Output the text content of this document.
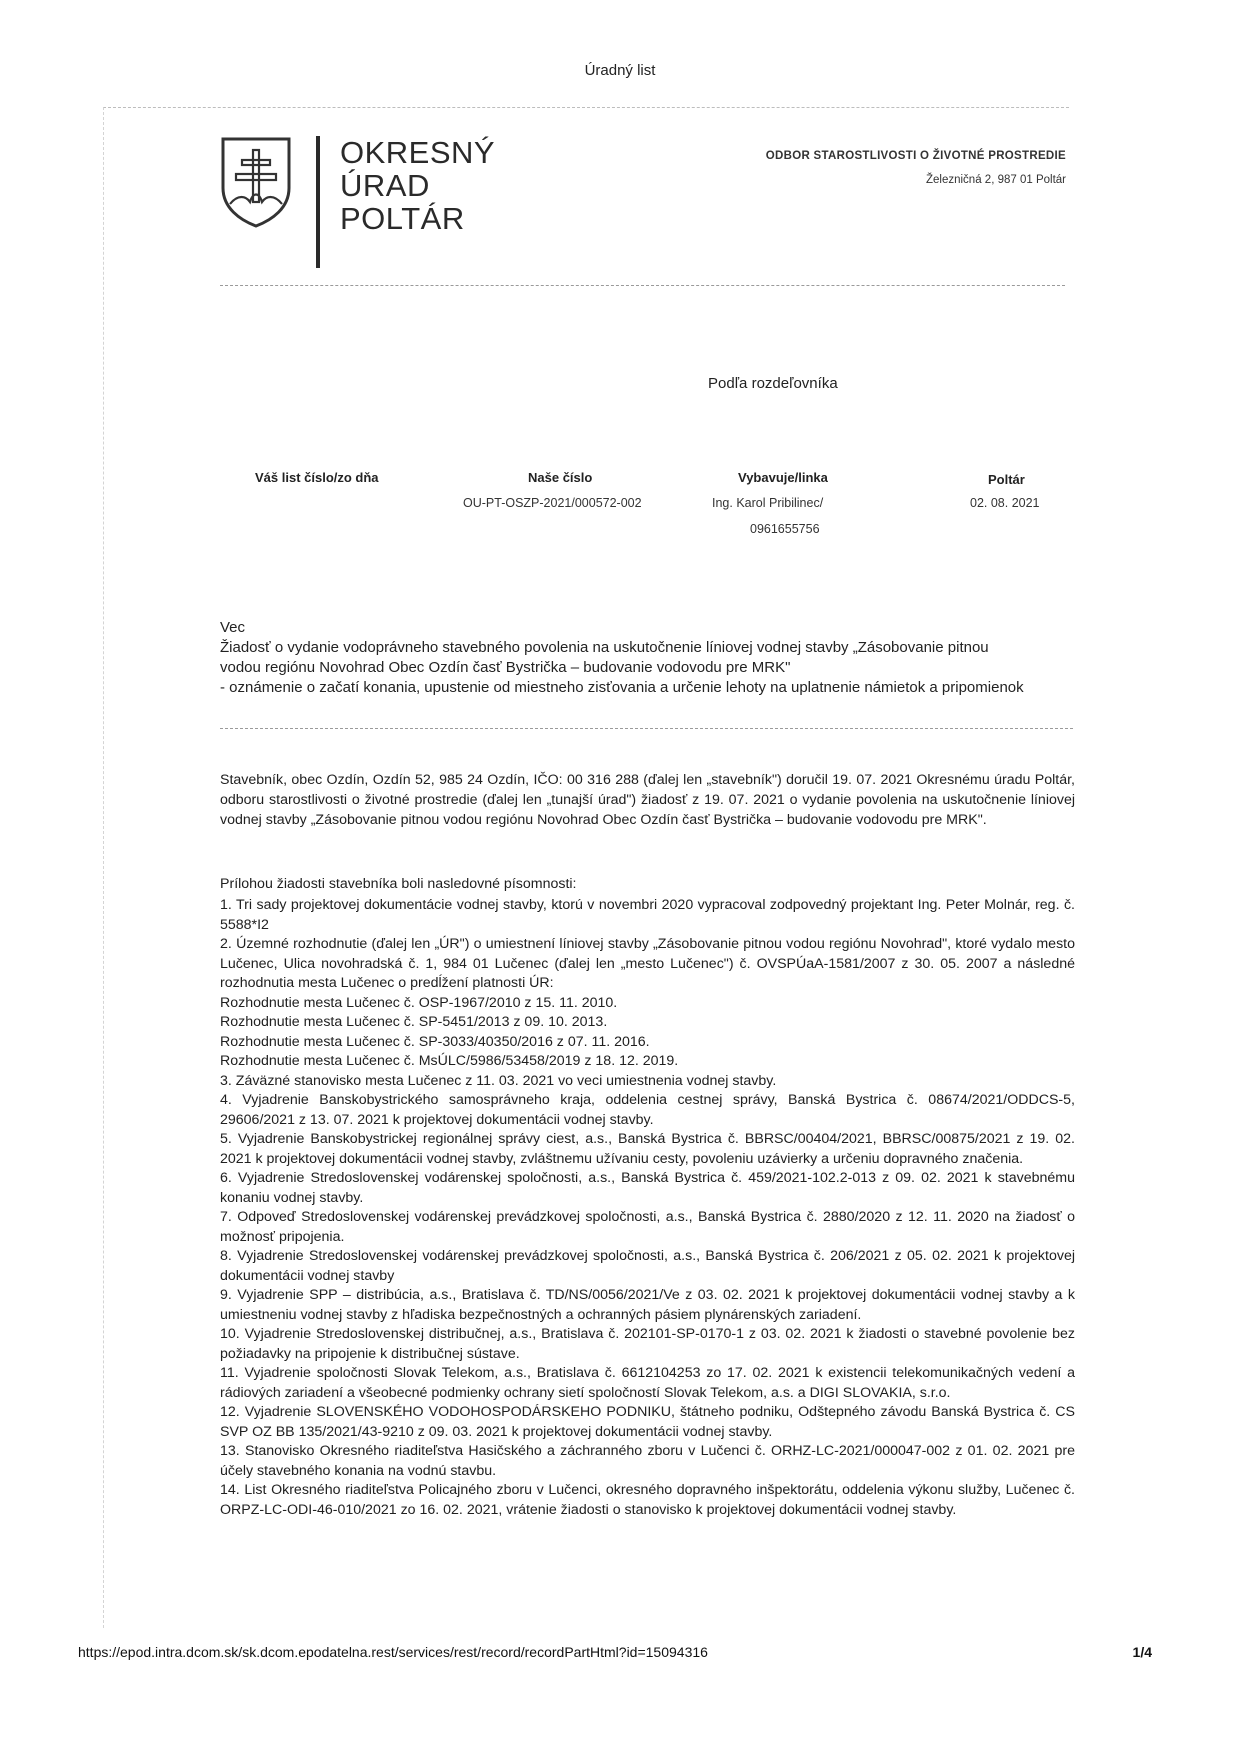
Úradný list
OKRESNÝ
ÚRAD
POLTÁR
ODBOR STAROSTLIVOSTI O ŽIVOTNÉ PROSTREDIE
Železničná 2, 987 01 Poltár
Podľa rozdeľovníka
Váš list číslo/zo dňa	Naše číslo
OU-PT-OSZP-2021/000572-002
Vybavuje/linka
Ing. Karol Pribilinec/
0961655756
Poltár
02. 08. 2021
Vec
Žiadosť o vydanie vodoprávneho stavebného povolenia na uskutočnenie líniovej vodnej stavby „Zásobovanie pitnou
vodou regiónu Novohrad Obec Ozdín časť Bystrička – budovanie vodovodu pre MRK"
- oznámenie o začatí konania, upustenie od miestneho zisťovania a určenie lehoty na uplatnenie námietok a pripomienok

Stavebník, obec Ozdín, Ozdín 52, 985 24 Ozdín, IČO: 00 316 288 (ďalej len „stavebník") doručil 19. 07. 2021 Okresnému úradu Poltár, odboru starostlivosti o životné prostredie (ďalej len „tunajší úrad") žiadosť z 19. 07. 2021 o vydanie povolenia na uskutočnenie líniovej vodnej stavby „Zásobovanie pitnou vodou regiónu Novohrad Obec Ozdín časť Bystrička – budovanie vodovodu pre MRK".

Prílohou žiadosti stavebníka boli nasledovné písomnosti:
1. Tri sady projektovej dokumentácie vodnej stavby, ktorú v novembri 2020 vypracoval zodpovedný projektant Ing. Peter Molnár, reg. č. 5588*I2
2. Územné rozhodnutie (ďalej len „ÚR") o umiestnení líniovej stavby „Zásobovanie pitnou vodou regiónu Novohrad", ktoré vydalo mesto Lučenec, Ulica novohradská č. 1, 984 01 Lučenec (ďalej len „mesto Lučenec") č. OVSPÚaA-1581/2007 z 30. 05. 2007 a následné rozhodnutia mesta Lučenec o predĺžení platnosti ÚR:
Rozhodnutie mesta Lučenec č. OSP-1967/2010 z 15. 11. 2010.
Rozhodnutie mesta Lučenec č. SP-5451/2013 z 09. 10. 2013.
Rozhodnutie mesta Lučenec č. SP-3033/40350/2016 z 07. 11. 2016.
Rozhodnutie mesta Lučenec č. MsÚLC/5986/53458/2019 z 18. 12. 2019.
3. Záväzné stanovisko mesta Lučenec z 11. 03. 2021 vo veci umiestnenia vodnej stavby.
4. Vyjadrenie Banskobystrického samosprávneho kraja, oddelenia cestnej správy, Banská Bystrica č. 08674/2021/ODDCS-5, 29606/2021 z 13. 07. 2021 k projektovej dokumentácii vodnej stavby.
5. Vyjadrenie Banskobystrickej regionálnej správy ciest, a.s., Banská Bystrica č. BBRSC/00404/2021, BBRSC/00875/2021 z 19. 02. 2021 k projektovej dokumentácii vodnej stavby, zvláštnemu užívaniu cesty, povoleniu uzávierky a určeniu dopravného značenia.
6. Vyjadrenie Stredoslovenskej vodárenskej spoločnosti, a.s., Banská Bystrica č. 459/2021-102.2-013 z 09. 02. 2021 k stavebnému konaniu vodnej stavby.
7. Odpoveď Stredoslovenskej vodárenskej prevádzkovej spoločnosti, a.s., Banská Bystrica č. 2880/2020 z 12. 11. 2020 na žiadosť o možnosť pripojenia.
8. Vyjadrenie Stredoslovenskej vodárenskej prevádzkovej spoločnosti, a.s., Banská Bystrica č. 206/2021 z 05. 02. 2021 k projektovej dokumentácii vodnej stavby
9. Vyjadrenie SPP – distribúcia, a.s., Bratislava č. TD/NS/0056/2021/Ve z 03. 02. 2021 k projektovej dokumentácii vodnej stavby a k umiestneniu vodnej stavby z hľadiska bezpečnostných a ochranných pásiem plynárenských zariadení.
10. Vyjadrenie Stredoslovenskej distribučnej, a.s., Bratislava č. 202101-SP-0170-1 z 03. 02. 2021 k žiadosti o stavebné povolenie bez požiadavky na pripojenie k distribučnej sústave.
11. Vyjadrenie spoločnosti Slovak Telekom, a.s., Bratislava č. 6612104253 zo 17. 02. 2021 k existencii telekomunikačných vedení a rádiových zariadení a všeobecné podmienky ochrany sietí spoločností Slovak Telekom, a.s. a DIGI SLOVAKIA, s.r.o.
12. Vyjadrenie SLOVENSKÉHO VODOHOSPODÁRSKEHO PODNIKU, štátneho podniku, Odštepného závodu Banská Bystrica č. CS SVP OZ BB 135/2021/43-9210 z 09. 03. 2021 k projektovej dokumentácii vodnej stavby.
13. Stanovisko Okresného riaditeľstva Hasičského a záchranného zboru v Lučenci č. ORHZ-LC-2021/000047-002 z 01. 02. 2021 pre účely stavebného konania na vodnú stavbu.
14. List Okresného riaditeľstva Policajného zboru v Lučenci, okresného dopravného inšpektorátu, oddelenia výkonu služby, Lučenec č. ORPZ-LC-ODI-46-010/2021 zo 16. 02. 2021, vrátenie žiadosti o stanovisko k projektovej dokumentácii vodnej stavby.
https://epod.intra.dcom.sk/sk.dcom.epodatelna.rest/services/rest/record/recordPartHtml?id=15094316	1/4
